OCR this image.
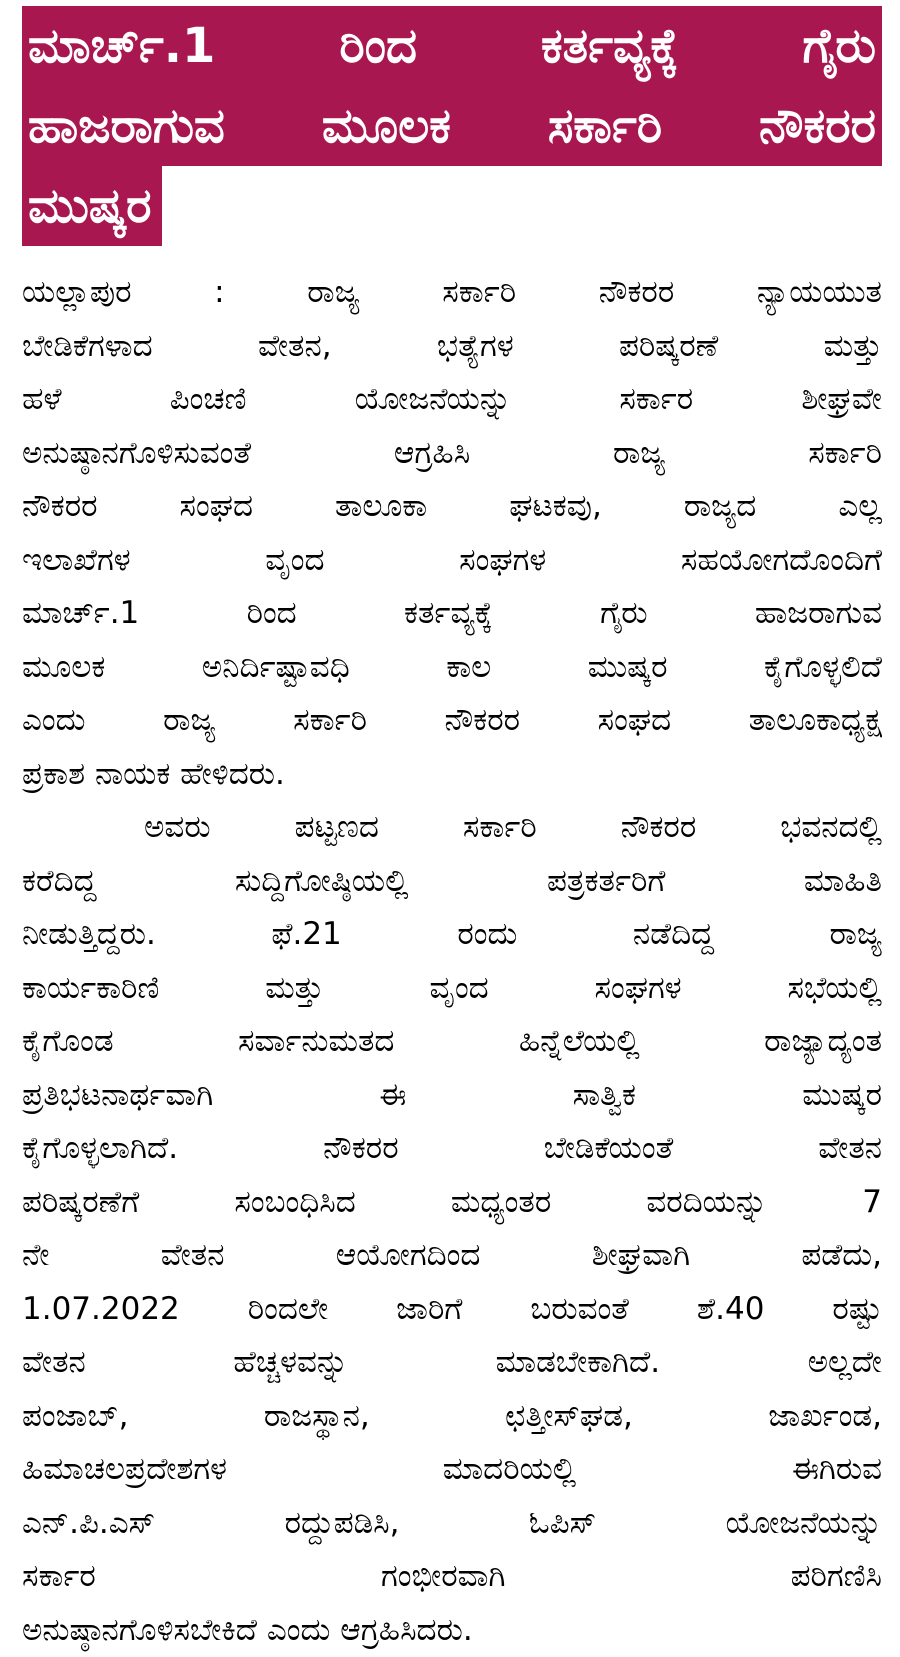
ಮಾರ್ಚ್.1 ರಿಂದ ಕರ್ತವ್ಯಕ್ಕೆ ಗೈರು
ಹಾಜರಾಗುವ ಮೂಲಕ ಸರ್ಕಾರಿ ನೌಕರರ
ಮುಷ್ಕರ
ಯಲ್ಲಾಪುರ : ರಾಜ್ಯ ಸರ್ಕಾರಿ ನೌಕರರ ನ್ಯಾಯಯುತ
ಬೇಡಿಕೆಗಳಾದ ವೇತನ, ಭತ್ಯೆಗಳ ಪರಿಷ್ಕರಣೆ ಮತ್ತು
ಹಳೆ ಪಿಂಚಣಿ ಯೋಜನೆಯನ್ನು ಸರ್ಕಾರ ಶೀಘ್ರವೇ
ಅನುಷ್ಠಾನಗೊಳಿಸುವಂತೆ ಆಗ್ರಹಿಸಿ ರಾಜ್ಯ ಸರ್ಕಾರಿ
ನೌಕರರ ಸಂಘದ ತಾಲೂಕಾ ಘಟಕವು, ರಾಜ್ಯದ ಎಲ್ಲ
ಇಲಾಖೆಗಳ ವೃಂದ ಸಂಘಗಳ ಸಹಯೋಗದೊಂದಿಗೆ
ಮಾರ್ಚ್.1 ರಿಂದ ಕರ್ತವ್ಯಕ್ಕೆ ಗೈರು ಹಾಜರಾಗುವ
ಮೂಲಕ ಅನಿರ್ದಿಷ್ಟಾವಧಿ ಕಾಲ ಮುಷ್ಕರ ಕೈಗೊಳ್ಳಲಿದೆ
ಎಂದು ರಾಜ್ಯ ಸರ್ಕಾರಿ ನೌಕರರ ಸಂಘದ ತಾಲೂಕಾಧ್ಯಕ್ಷ
ಪ್ರಕಾಶ ನಾಯಕ ಹೇಳಿದರು.
ಅವರು ಪಟ್ಟಣದ ಸರ್ಕಾರಿ ನೌಕರರ ಭವನದಲ್ಲಿ
ಕರೆದಿದ್ದ ಸುದ್ದಿಗೋಷ್ಠಿಯಲ್ಲಿ ಪತ್ರಕರ್ತರಿಗೆ ಮಾಹಿತಿ
ನೀಡುತ್ತಿದ್ದರು. ಫೆ.21 ರಂದು ನಡೆದಿದ್ದ ರಾಜ್ಯ
ಕಾರ್ಯಕಾರಿಣಿ ಮತ್ತು ವೃಂದ ಸಂಘಗಳ ಸಭೆಯಲ್ಲಿ
ಕೈಗೊಂಡ ಸರ್ವಾನುಮತದ ಹಿನ್ನೆಲೆಯಲ್ಲಿ ರಾಜ್ಯಾದ್ಯಂತ
ಪ್ರತಿಭಟನಾರ್ಥವಾಗಿ ಈ ಸಾತ್ವಿಕ ಮುಷ್ಕರ
ಕೈಗೊಳ್ಳಲಾಗಿದೆ. ನೌಕರರ ಬೇಡಿಕೆಯಂತೆ ವೇತನ
ಪರಿಷ್ಕರಣೆಗೆ ಸಂಬಂಧಿಸಿದ ಮಧ್ಯಂತರ ವರದಿಯನ್ನು 7
ನೇ ವೇತನ ಆಯೋಗದಿಂದ ಶೀಘ್ರವಾಗಿ ಪಡೆದು,
1.07.2022 ರಿಂದಲೇ ಜಾರಿಗೆ ಬರುವಂತೆ ಶೆ.40 ರಷ್ಟು
ವೇತನ ಹೆಚ್ಚಳವನ್ನು ಮಾಡಬೇಕಾಗಿದೆ. ಅಲ್ಲದೇ
ಪಂಜಾಬ್, ರಾಜಸ್ಥಾನ, ಛತ್ತೀಸ್‌ಘಡ, ಜಾರ್ಖಂಡ,
ಹಿಮಾಚಲಪ್ರದೇಶಗಳ ಮಾದರಿಯಲ್ಲಿ ಈಗಿರುವ
ಎನ್.ಪಿ.ಎಸ್ ರದ್ದುಪಡಿಸಿ, ಓಪಿಸ್ ಯೋಜನೆಯನ್ನು
ಸರ್ಕಾರ ಗಂಭೀರವಾಗಿ ಪರಿಗಣಿಸಿ
ಅನುಷ್ಠಾನಗೊಳಿಸಬೇಕಿದೆ ಎಂದು ಆಗ್ರಹಿಸಿದರು.
